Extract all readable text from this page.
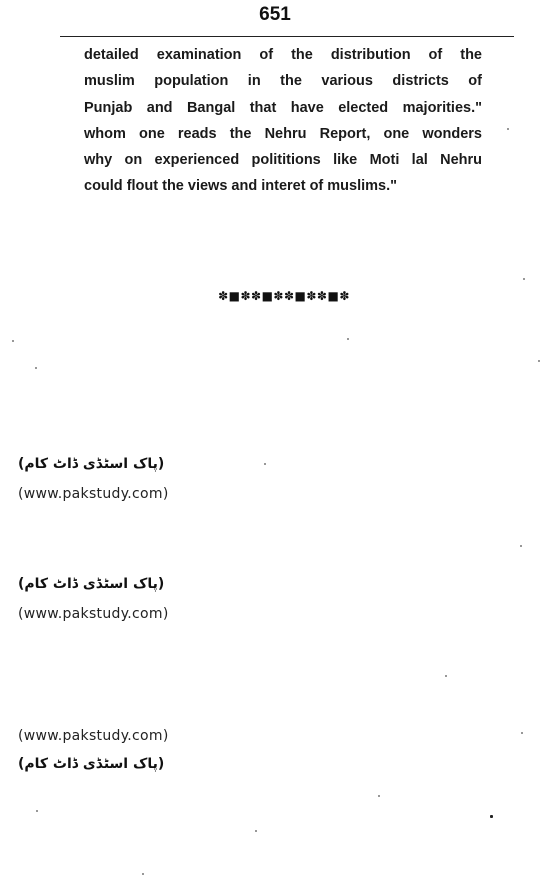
651
detailed examination of the distribution of the
muslim population in the various districts of
Punjab and Bangal that have elected majorities."
whom one reads the Nehru Report, one wonders
why on experienced polititions like Moti lal Nehru
could flout the views and interet of muslims."
✽■✽✽■✽✽■✽✽■✽
(پاک اسٹڈی ڈاٹ کام)
(www.pakstudy.com)
(پاک اسٹڈی ڈاٹ کام)
(www.pakstudy.com)
(www.pakstudy.com)
(پاک اسٹڈی ڈاٹ کام)
